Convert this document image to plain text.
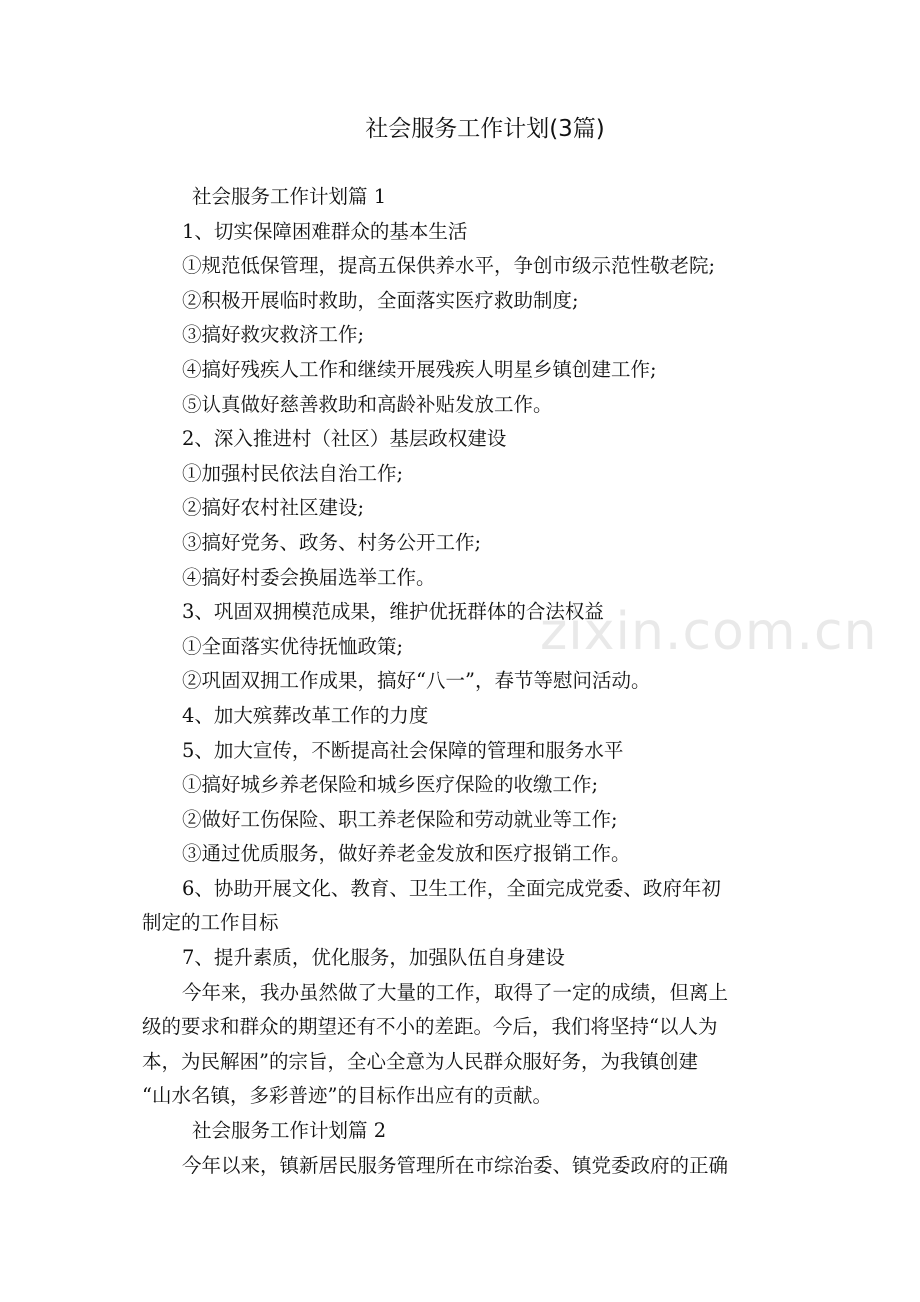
社会服务工作计划(3篇)
社会服务工作计划篇 1
1、切实保障困难群众的基本生活
①规范低保管理，提高五保供养水平，争创市级示范性敬老院;
②积极开展临时救助，全面落实医疗救助制度;
③搞好救灾救济工作;
④搞好残疾人工作和继续开展残疾人明星乡镇创建工作;
⑤认真做好慈善救助和高龄补贴发放工作。
2、深入推进村（社区）基层政权建设
①加强村民依法自治工作;
②搞好农村社区建设;
③搞好党务、政务、村务公开工作;
④搞好村委会换届选举工作。
3、巩固双拥模范成果，维护优抚群体的合法权益
①全面落实优待抚恤政策;
②巩固双拥工作成果，搞好“八一”，春节等慰问活动。
4、加大殡葬改革工作的力度
5、加大宣传，不断提高社会保障的管理和服务水平
①搞好城乡养老保险和城乡医疗保险的收缴工作;
②做好工伤保险、职工养老保险和劳动就业等工作;
③通过优质服务，做好养老金发放和医疗报销工作。
6、协助开展文化、教育、卫生工作，全面完成党委、政府年初
制定的工作目标
7、提升素质，优化服务，加强队伍自身建设
今年来，我办虽然做了大量的工作，取得了一定的成绩，但离上
级的要求和群众的期望还有不小的差距。今后，我们将坚持“以人为
本，为民解困”的宗旨，全心全意为人民群众服好务，为我镇创建
“山水名镇，多彩普迹”的目标作出应有的贡献。
社会服务工作计划篇 2
今年以来，镇新居民服务管理所在市综治委、镇党委政府的正确
zixin.com.cn
